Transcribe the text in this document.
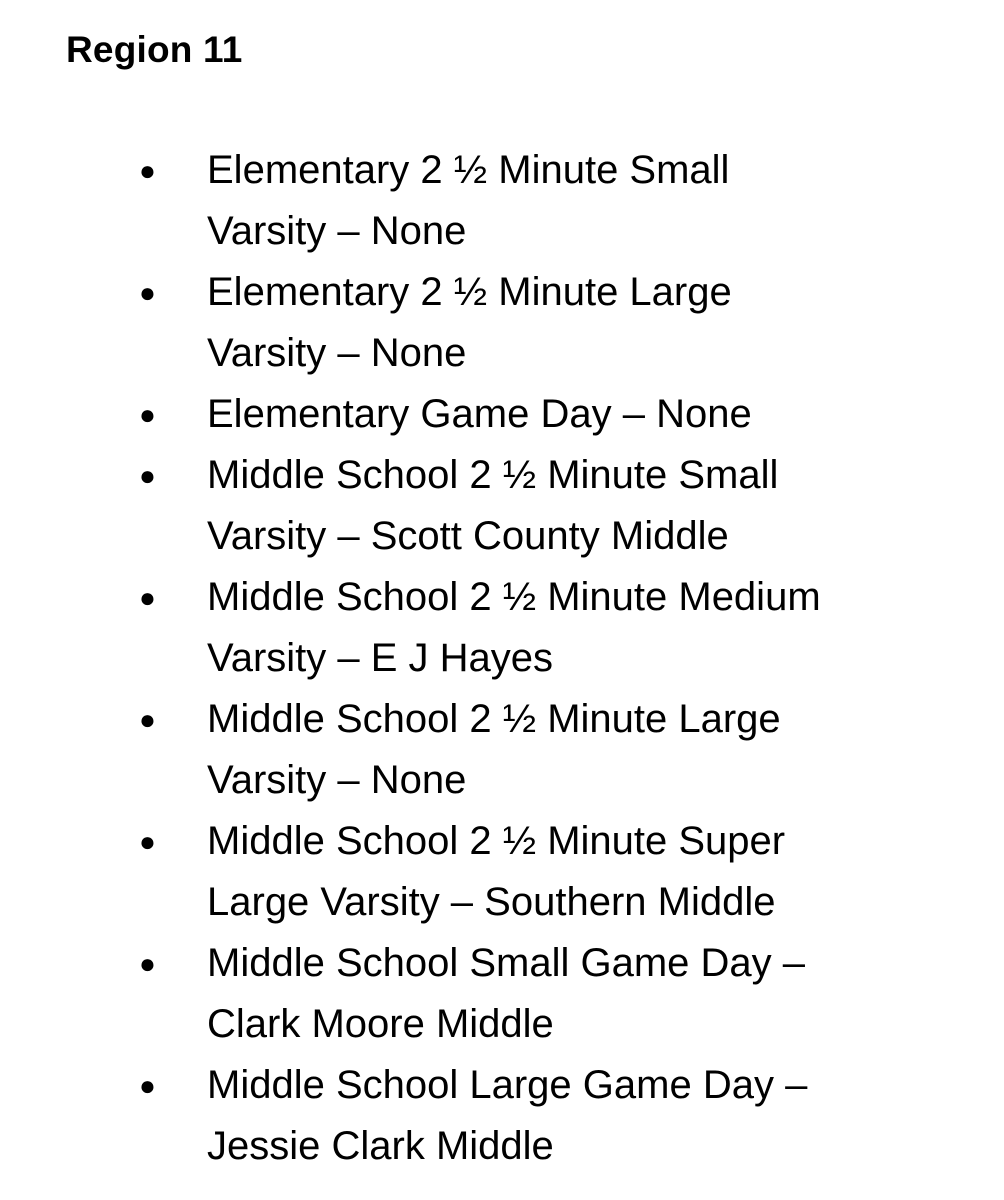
Region 11
● Elementary 2 ½ Minute Small
Varsity – None
● Elementary 2 ½ Minute Large
Varsity – None
● Elementary Game Day – None
● Middle School 2 ½ Minute Small
Varsity – Scott County Middle
● Middle School 2 ½ Minute Medium
Varsity – E J Hayes
● Middle School 2 ½ Minute Large
Varsity – None
● Middle School 2 ½ Minute Super
Large Varsity – Southern Middle
● Middle School Small Game Day –
Clark Moore Middle
● Middle School Large Game Day –
Jessie Clark Middle
